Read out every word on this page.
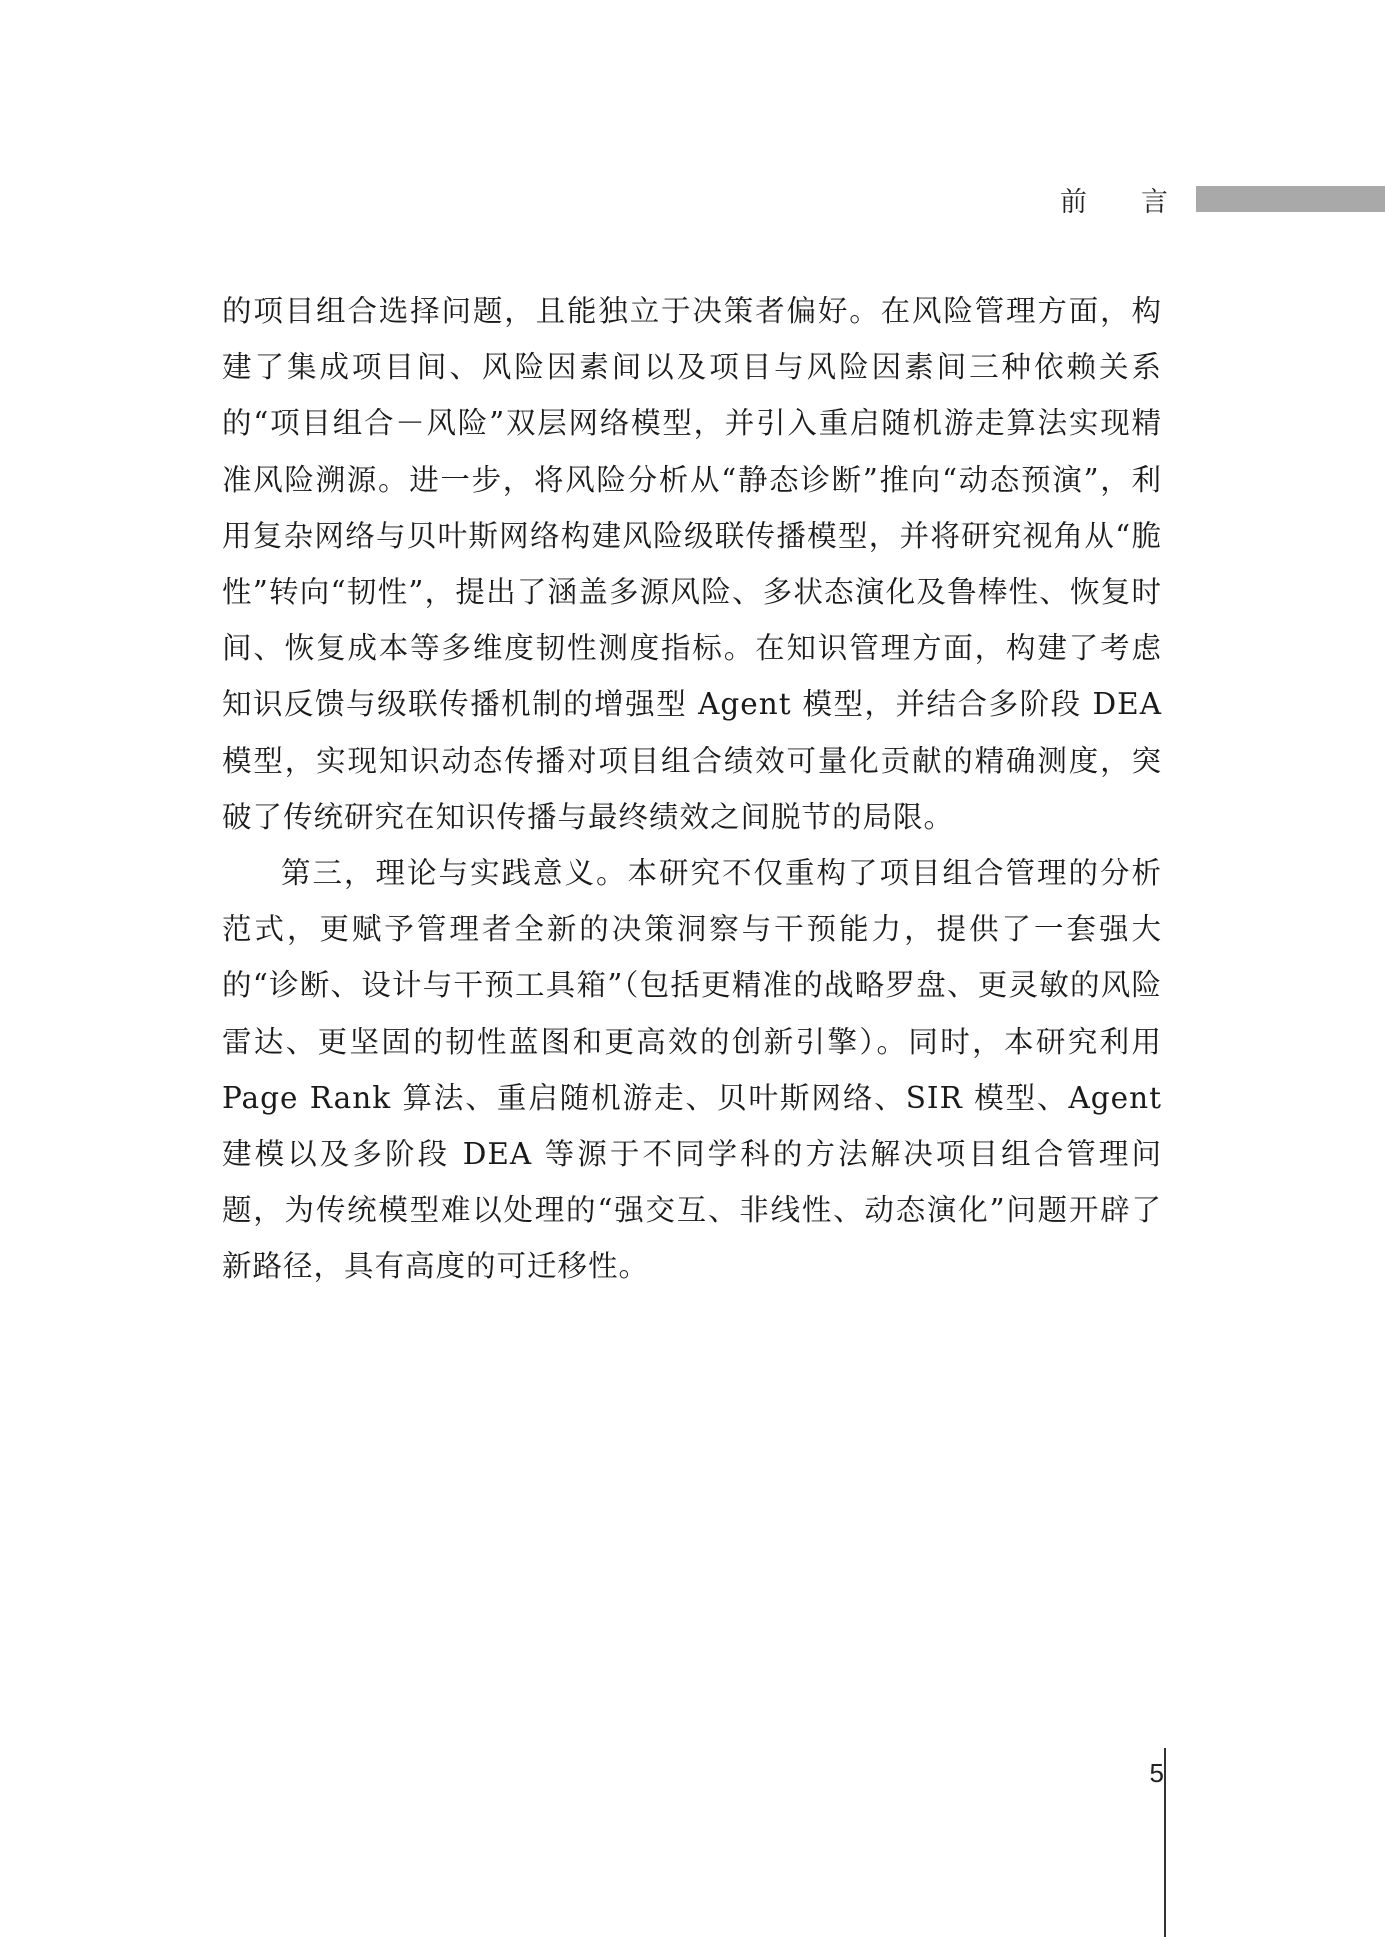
前 言

的项目组合选择问题，且能独立于决策者偏好。在风险管理方面，构建了集成项目间、风险因素间以及项目与风险因素间三种依赖关系的“项目组合－风险”双层网络模型，并引入重启随机游走算法实现精准风险溯源。进一步，将风险分析从“静态诊断”推向“动态预演”，利用复杂网络与贝叶斯网络构建风险级联传播模型，并将研究视角从“脆性”转向“韧性”，提出了涵盖多源风险、多状态演化及鲁棒性、恢复时间、恢复成本等多维度韧性测度指标。在知识管理方面，构建了考虑知识反馈与级联传播机制的增强型 Agent 模型，并结合多阶段 DEA 模型，实现知识动态传播对项目组合绩效可量化贡献的精确测度，突破了传统研究在知识传播与最终绩效之间脱节的局限。

第三，理论与实践意义。本研究不仅重构了项目组合管理的分析范式，更赋予管理者全新的决策洞察与干预能力，提供了一套强大的“诊断、设计与干预工具箱”（包括更精准的战略罗盘、更灵敏的风险雷达、更坚固的韧性蓝图和更高效的创新引擎）。同时，本研究利用 Page Rank 算法、重启随机游走、贝叶斯网络、SIR 模型、Agent 建模以及多阶段 DEA 等源于不同学科的方法解决项目组合管理问题，为传统模型难以处理的“强交互、非线性、动态演化”问题开辟了新路径，具有高度的可迁移性。

5
